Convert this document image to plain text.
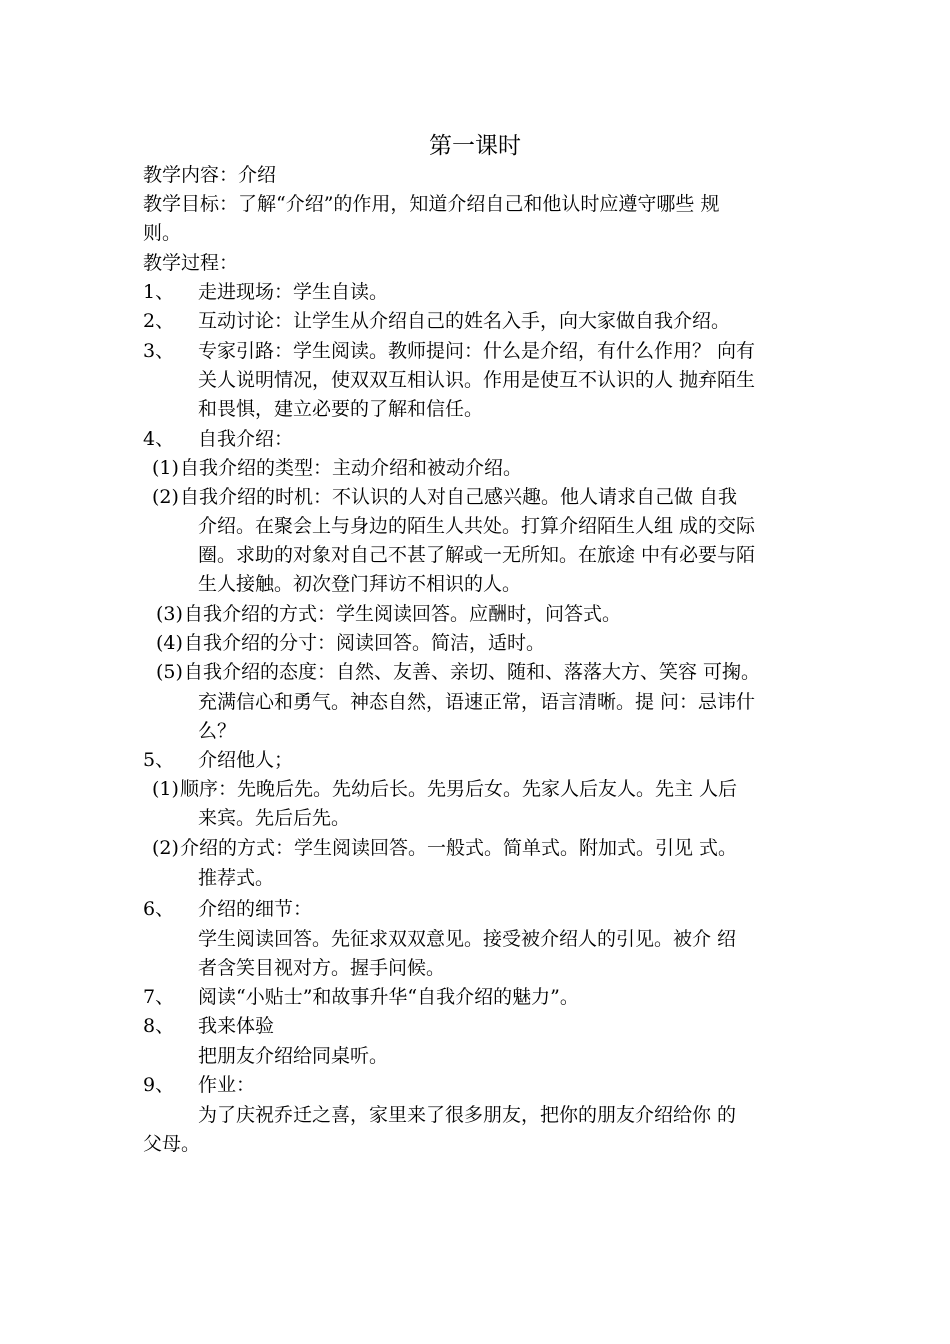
第一课时
教学内容：介绍
教学目标：了解“介绍”的作用，知道介绍自己和他认时应遵守哪些 规
则。
教学过程：
1、 走进现场：学生自读。
2、 互动讨论：让学生从介绍自己的姓名入手，向大家做自我介绍。
3、 专家引路：学生阅读。教师提问：什么是介绍，有什么作用？ 向有
关人说明情况，使双双互相认识。作用是使互不认识的人 抛弃陌生
和畏惧，建立必要的了解和信任。
4、 自我介绍：
(1) 自我介绍的类型：主动介绍和被动介绍。
(2) 自我介绍的时机：不认识的人对自己感兴趣。他人请求自己做 自我
介绍。在聚会上与身边的陌生人共处。打算介绍陌生人组 成的交际
圈。求助的对象对自己不甚了解或一无所知。在旅途 中有必要与陌
生人接触。初次登门拜访不相识的人。
(3) 自我介绍的方式：学生阅读回答。应酬时，问答式。
(4) 自我介绍的分寸：阅读回答。简洁，适时。
(5) 自我介绍的态度：自然、友善、亲切、随和、落落大方、笑容 可掬。
充满信心和勇气。神态自然，语速正常，语言清晰。提 问：忌讳什
么？
5、 介绍他人；
(1) 顺序：先晚后先。先幼后长。先男后女。先家人后友人。先主 人后
来宾。先后后先。
(2) 介绍的方式：学生阅读回答。一般式。简单式。附加式。引见 式。
推荐式。
6、 介绍的细节：
学生阅读回答。先征求双双意见。接受被介绍人的引见。被介 绍
者含笑目视对方。握手问候。
7、 阅读“小贴士”和故事升华“自我介绍的魅力”。
8、 我来体验
把朋友介绍给同桌听。
9、 作业：
为了庆祝乔迁之喜，家里来了很多朋友，把你的朋友介绍给你 的
父母。
